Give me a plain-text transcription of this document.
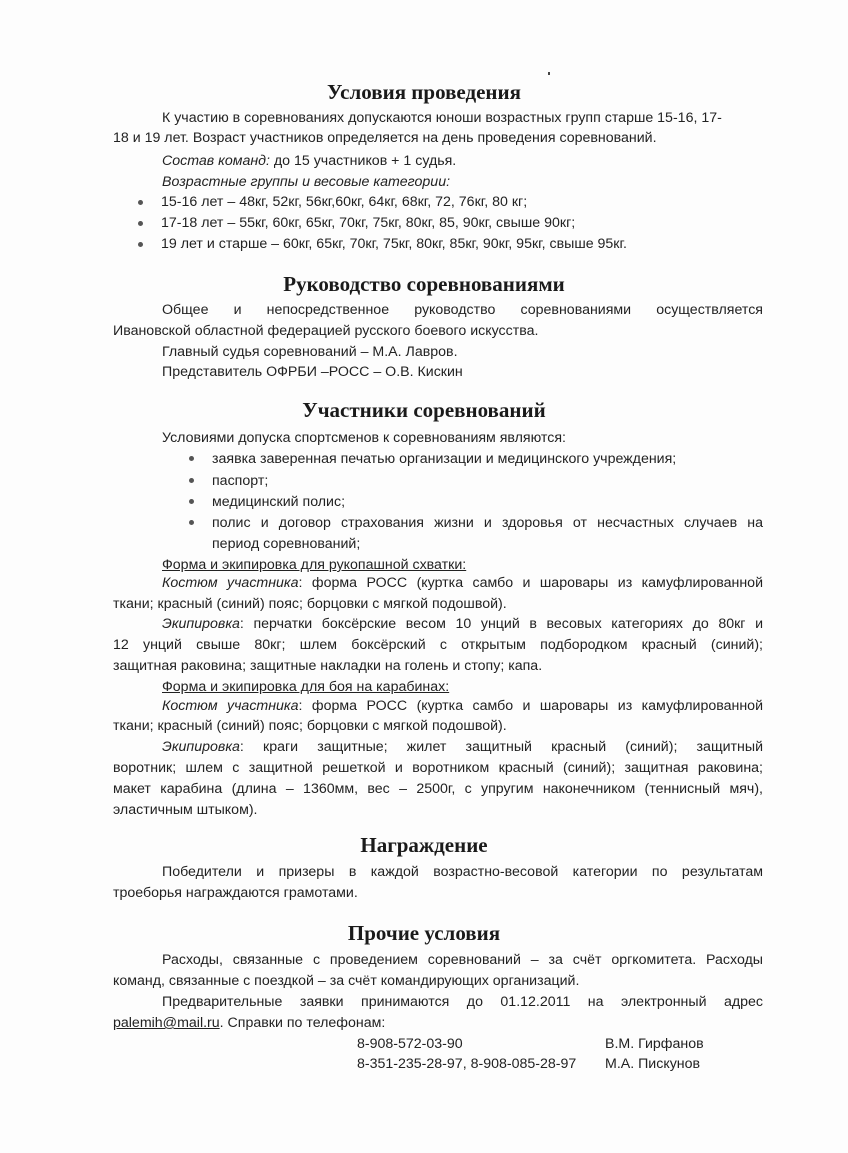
Условия проведения
К участию в соревнованиях допускаются юноши возрастных групп старше 15-16, 17-
18 и 19 лет. Возраст участников определяется на день проведения соревнований.
Состав команд: до 15 участников + 1 судья.
Возрастные группы и весовые категории:
15-16 лет – 48кг, 52кг, 56кг,60кг, 64кг, 68кг, 72, 76кг, 80 кг;
17-18 лет – 55кг, 60кг, 65кг, 70кг, 75кг, 80кг, 85, 90кг, свыше 90кг;
19 лет и старше – 60кг, 65кг, 70кг, 75кг, 80кг, 85кг, 90кг, 95кг, свыше 95кг.
Руководство соревнованиями
Общее и непосредственное руководство соревнованиями осуществляется
Ивановской областной федерацией русского боевого искусства.
Главный судья соревнований – М.А. Лавров.
Представитель ОФРБИ –РОСС – О.В. Кискин
Участники соревнований
Условиями допуска спортсменов к соревнованиям являются:
заявка заверенная печатью организации и медицинского учреждения;
паспорт;
медицинский полис;
полис и договор страхования жизни и здоровья от несчастных случаев на
период соревнований;
Форма и экипировка для рукопашной схватки:
Костюм участника: форма РОСС (куртка самбо и шаровары из камуфлированной
ткани; красный (синий) пояс; борцовки с мягкой подошвой).
Экипировка: перчатки боксёрские весом 10 унций в весовых категориях до 80кг и
12 унций свыше 80кг; шлем боксёрский с открытым подбородком красный (синий);
защитная раковина; защитные накладки на голень и стопу; капа.
Форма и экипировка для боя на карабинах:
Костюм участника: форма РОСС (куртка самбо и шаровары из камуфлированной
ткани; красный (синий) пояс; борцовки с мягкой подошвой).
Экипировка: краги защитные; жилет защитный красный (синий); защитный
воротник; шлем с защитной решеткой и воротником красный (синий); защитная раковина;
макет карабина (длина – 1360мм, вес – 2500г, с упругим наконечником (теннисный мяч),
эластичным штыком).
Награждение
Победители и призеры в каждой возрастно-весовой категории по результатам
троеборья награждаются грамотами.
Прочие условия
Расходы, связанные с проведением соревнований – за счёт оргкомитета. Расходы
команд, связанные с поездкой – за счёт командирующих организаций.
Предварительные заявки принимаются до 01.12.2011 на электронный адрес
palemih@mail.ru. Справки по телефонам:
8-908-572-03-90	В.М. Гирфанов
8-351-235-28-97, 8-908-085-28-97 М.А. Пискунов
